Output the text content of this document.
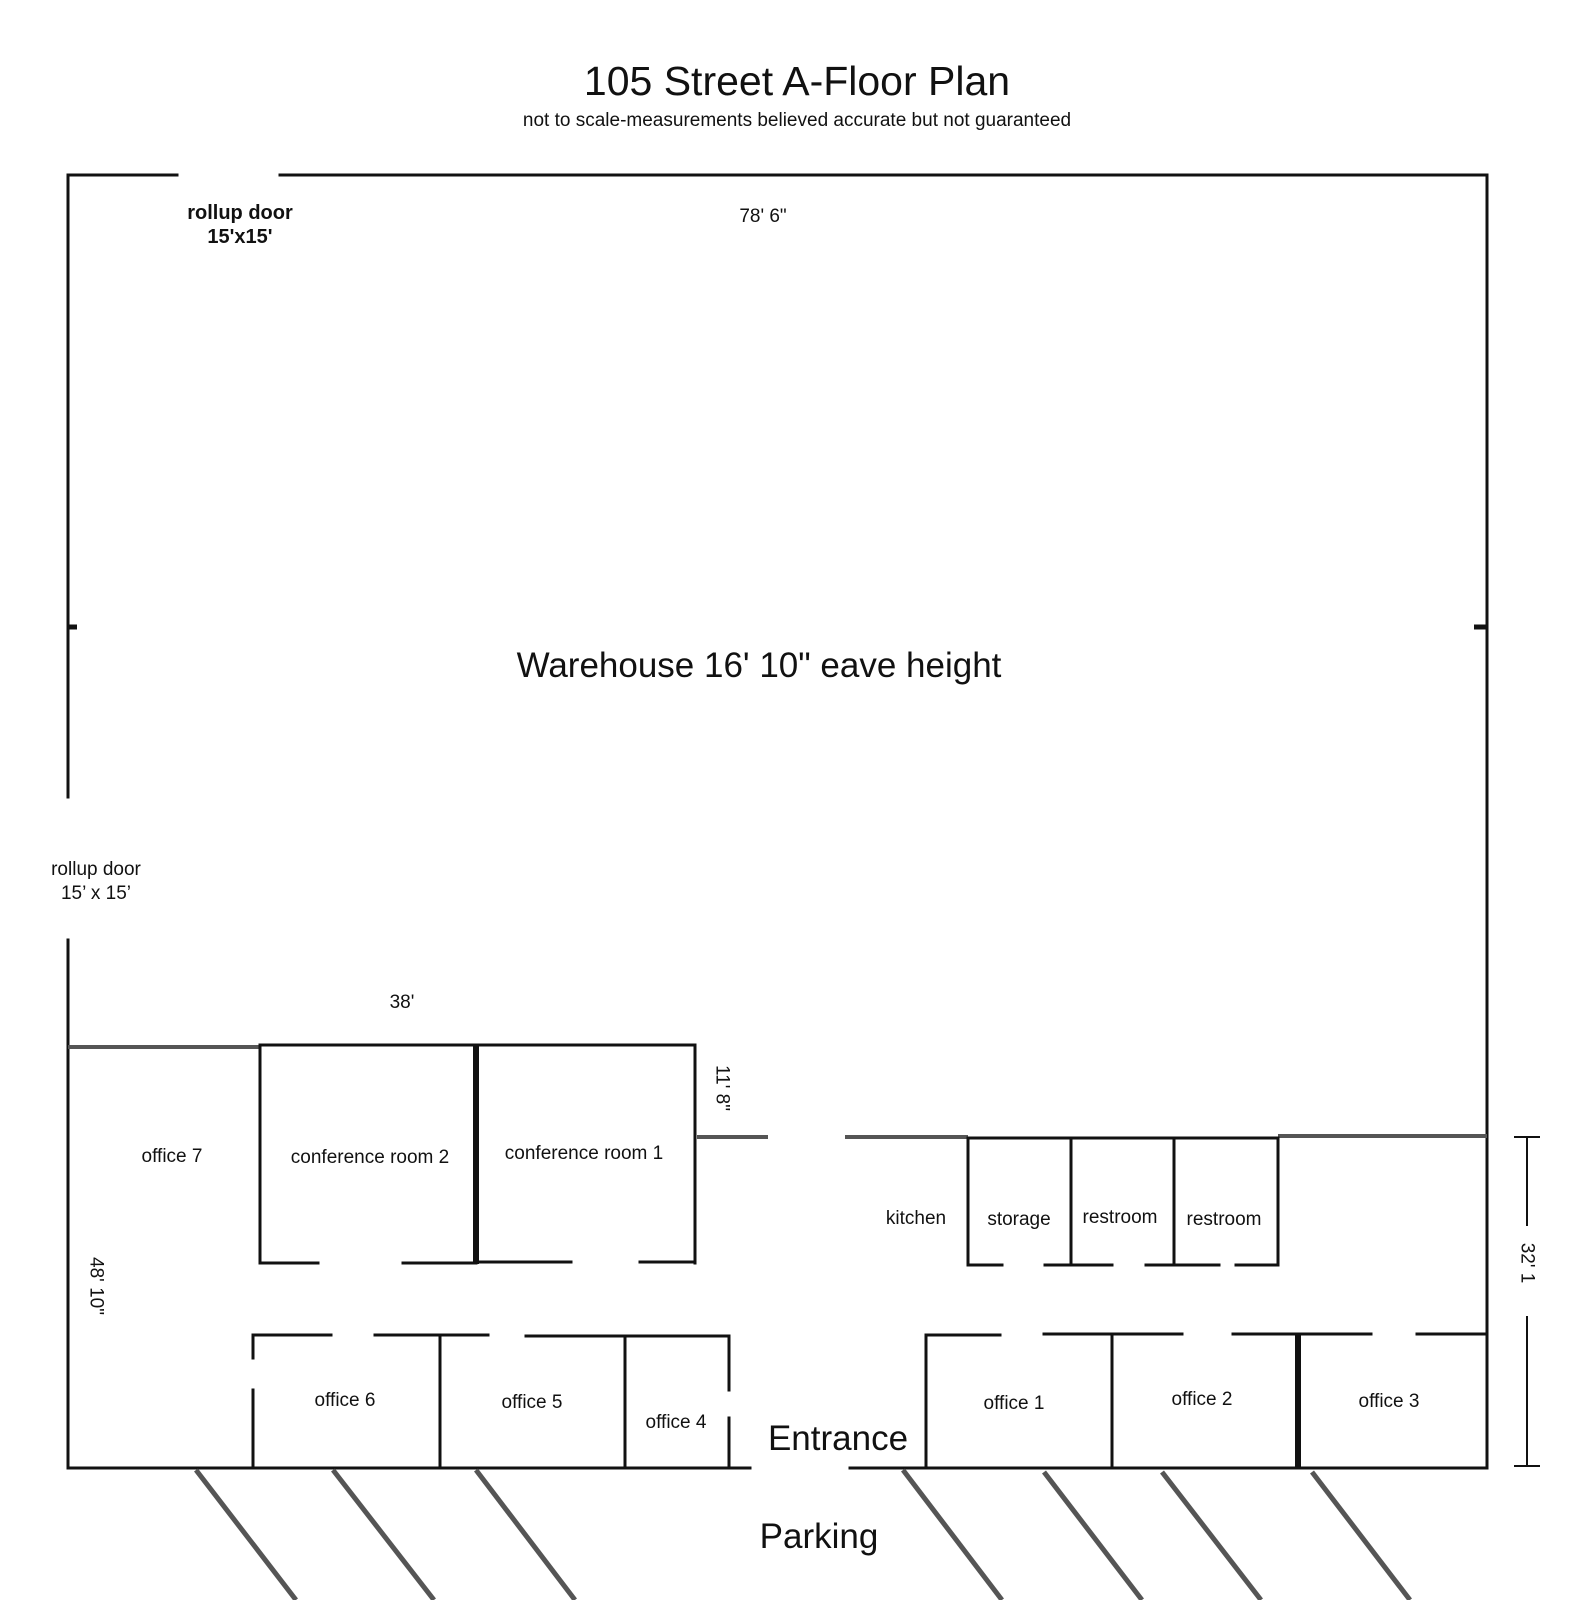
105 Street A-Floor Plan
not to scale-measurements believed accurate but not guaranteed
rollup door
15'x15'
rollup door
15’ x 15’
78' 6"
38'
11' 8"
48' 10"	32' 1
Warehouse 16' 10" eave height
office 7	conference room 2	conference room 1
kitchen storage restroom restroom
office 6	office 5
office 4
office 1	office 2	office 3
Entrance
Parking
